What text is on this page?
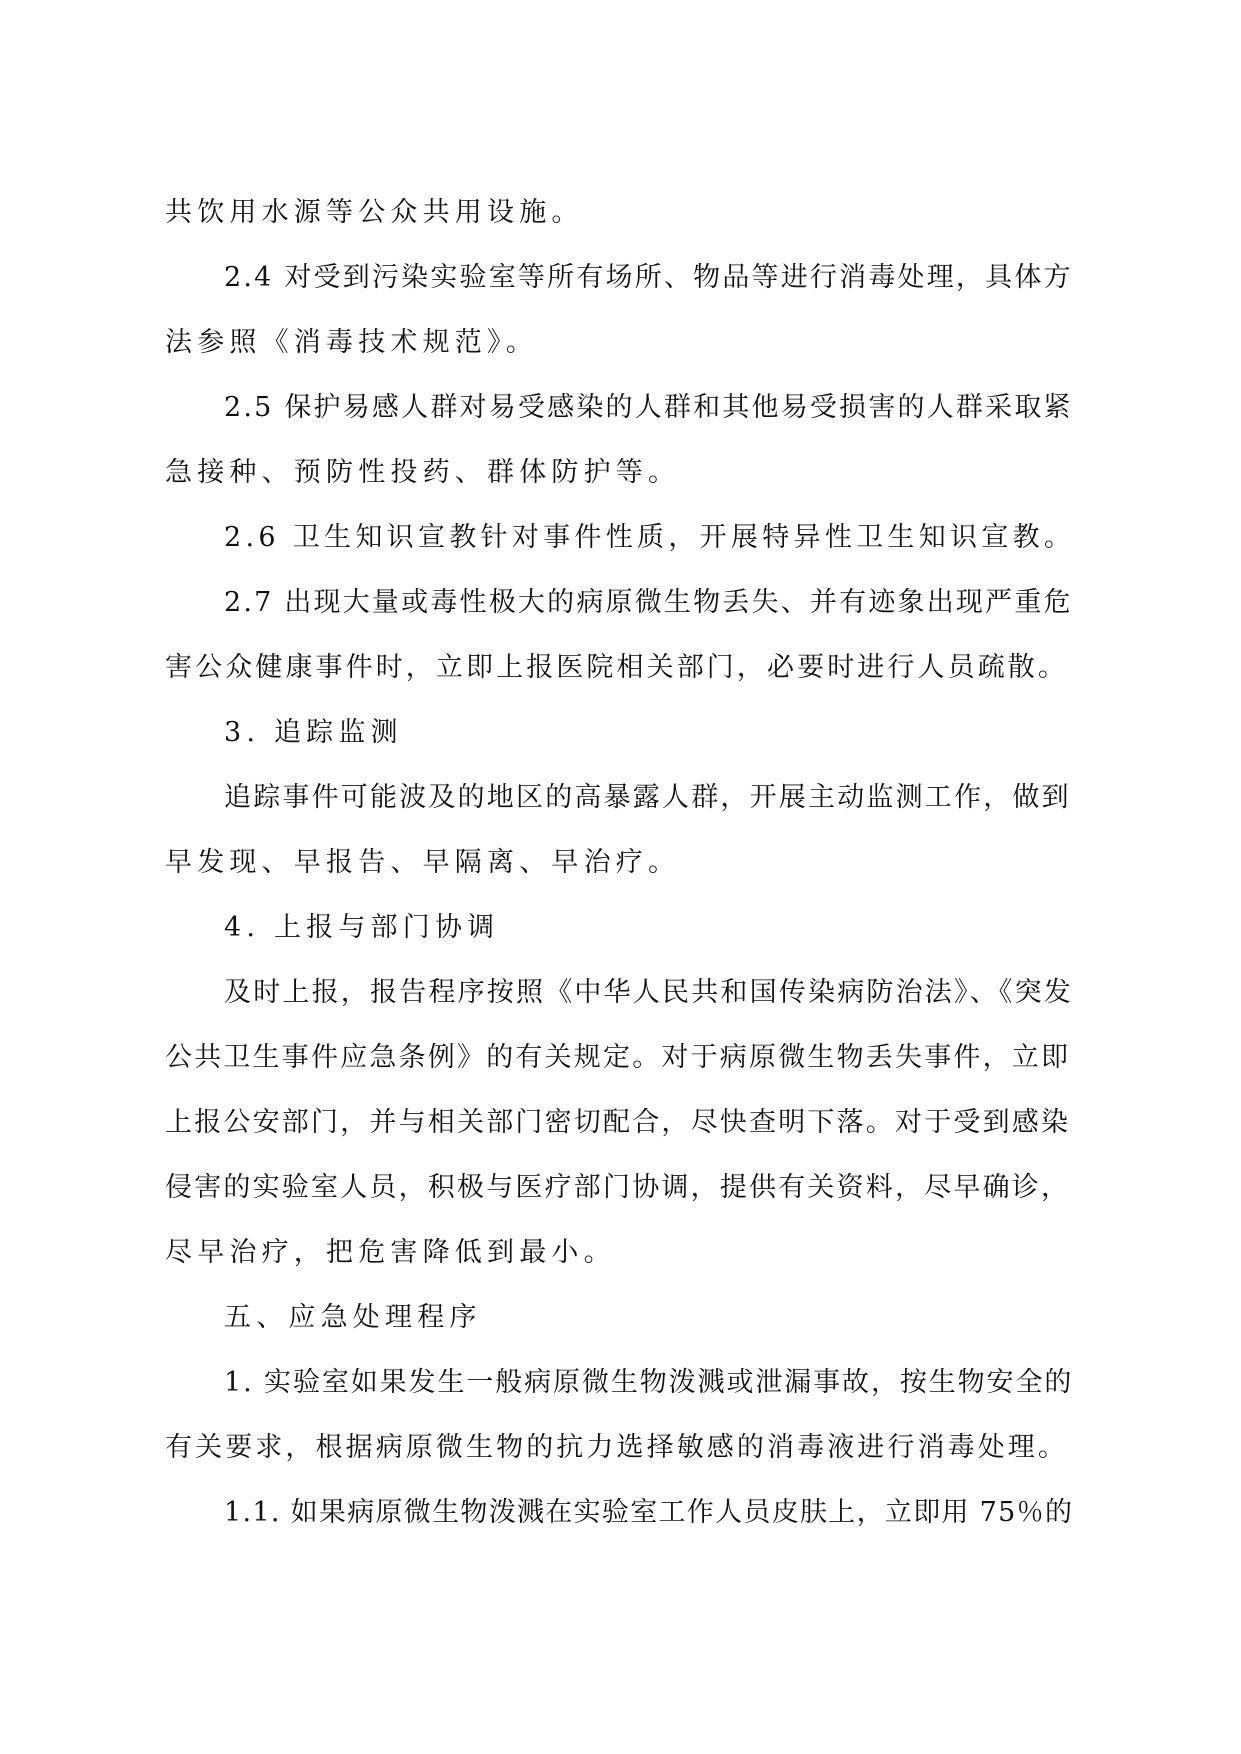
共饮用水源等公众共用设施。

2.4 对受到污染实验室等所有场所、物品等进行消毒处理，具体方

法参照《消毒技术规范》。

2.5 保护易感人群对易受感染的人群和其他易受损害的人群采取紧

急接种、预防性投药、群体防护等。

2.6 卫生知识宣教针对事件性质，开展特异性卫生知识宣教。

2.7 出现大量或毒性极大的病原微生物丢失、并有迹象出现严重危

害公众健康事件时，立即上报医院相关部门，必要时进行人员疏散。

3. 追踪监测

追踪事件可能波及的地区的高暴露人群，开展主动监测工作，做到

早发现、早报告、早隔离、早治疗。

4. 上报与部门协调

及时上报，报告程序按照《中华人民共和国传染病防治法》、《突发

公共卫生事件应急条例》的有关规定。对于病原微生物丢失事件，立即

上报公安部门，并与相关部门密切配合，尽快查明下落。对于受到感染

侵害的实验室人员，积极与医疗部门协调，提供有关资料，尽早确诊，

尽早治疗，把危害降低到最小。

五、应急处理程序

1. 实验室如果发生一般病原微生物泼溅或泄漏事故，按生物安全的

有关要求，根据病原微生物的抗力选择敏感的消毒液进行消毒处理。

1.1. 如果病原微生物泼溅在实验室工作人员皮肤上，立即用 75％的
